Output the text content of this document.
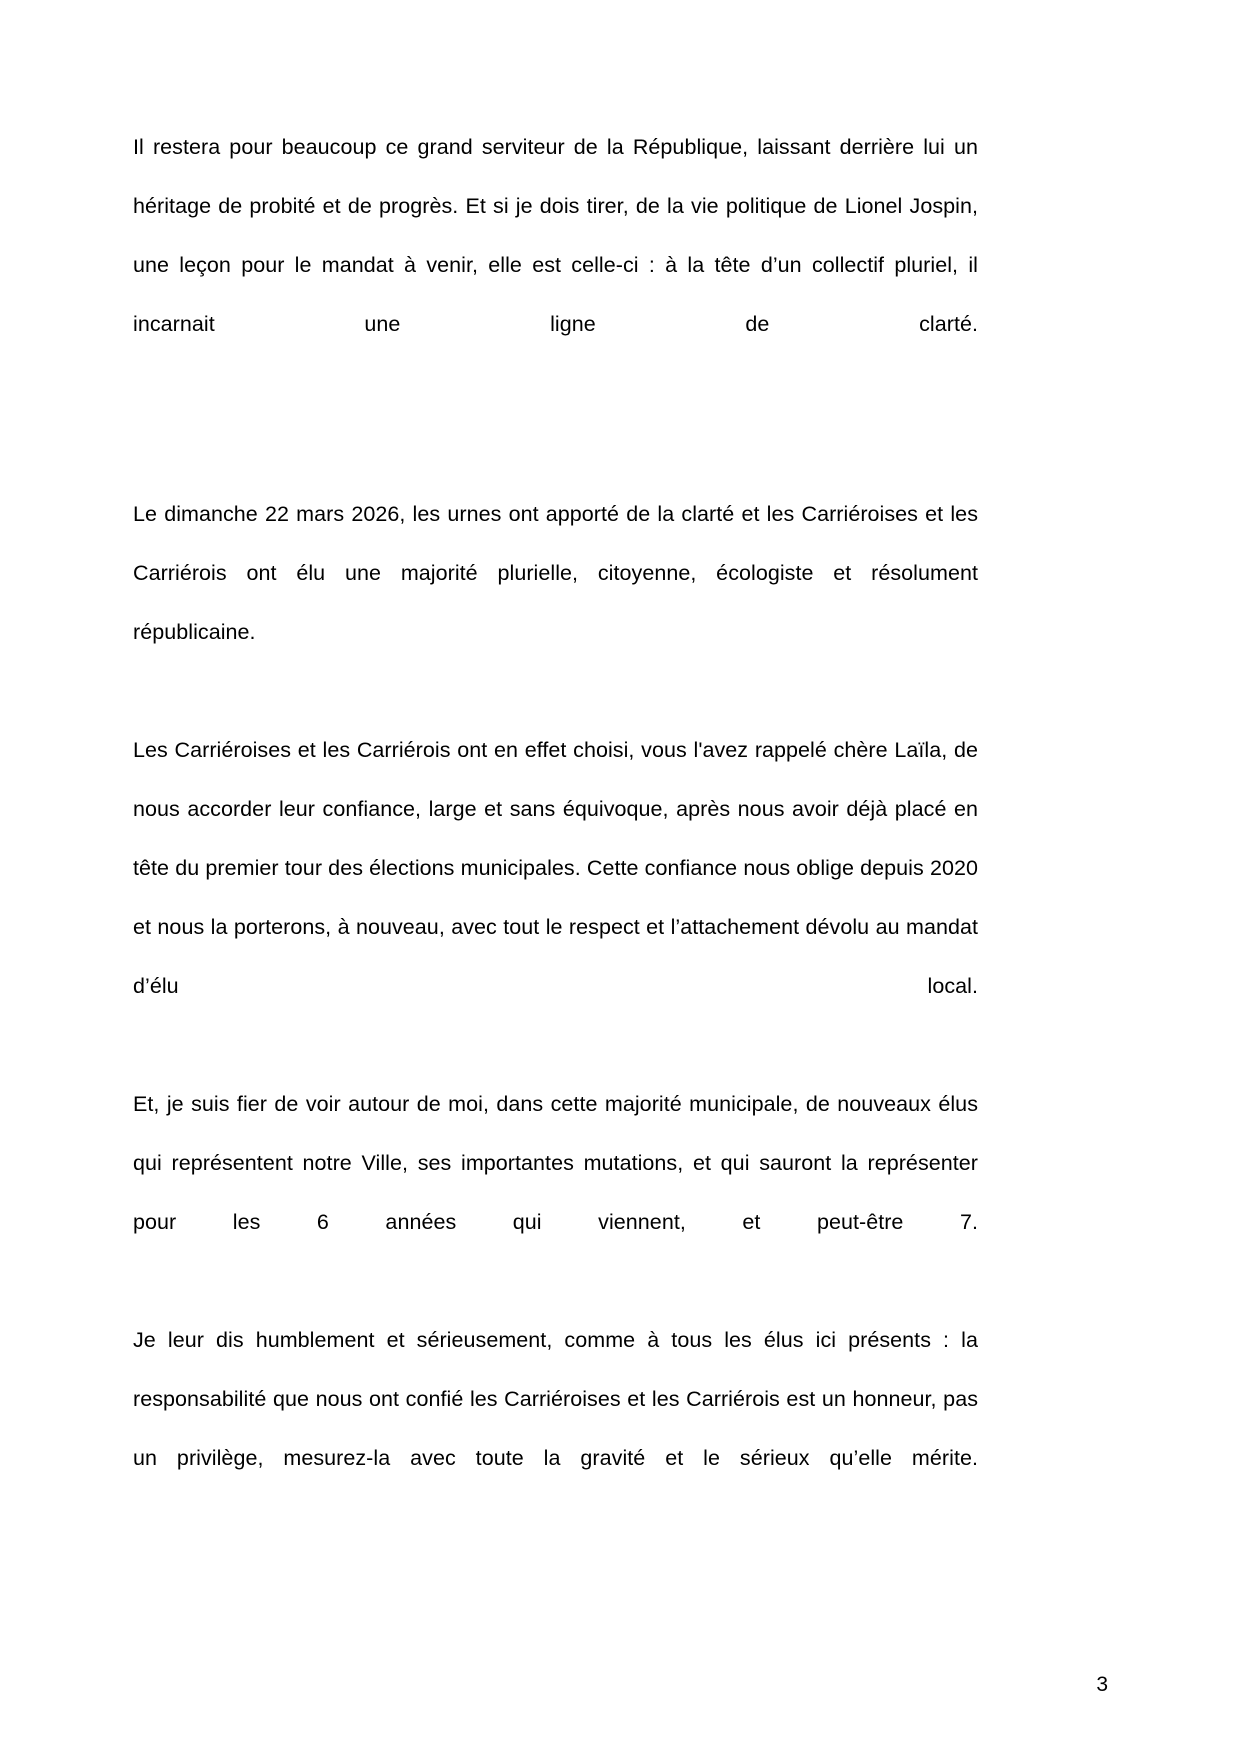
Il restera pour beaucoup ce grand serviteur de la République, laissant derrière lui un héritage de probité et de progrès. Et si je dois tirer, de la vie politique de Lionel Jospin, une leçon pour le mandat à venir, elle est celle-ci : à la tête d’un collectif pluriel, il incarnait une ligne de clarté.

Le dimanche 22 mars 2026, les urnes ont apporté de la clarté et les Carriéroises et les Carriérois ont élu une majorité plurielle, citoyenne, écologiste et résolument républicaine.

Les Carriéroises et les Carriérois ont en effet choisi, vous l'avez rappelé chère Laïla, de nous accorder leur confiance, large et sans équivoque, après nous avoir déjà placé en tête du premier tour des élections municipales. Cette confiance nous oblige depuis 2020 et nous la porterons, à nouveau, avec tout le respect et l’attachement dévolu au mandat d’élu local.

Et, je suis fier de voir autour de moi, dans cette majorité municipale, de nouveaux élus qui représentent notre Ville, ses importantes mutations, et qui sauront la représenter pour les 6 années qui viennent, et peut-être 7.

Je leur dis humblement et sérieusement, comme à tous les élus ici présents : la responsabilité que nous ont confié les Carriéroises et les Carriérois est un honneur, pas un privilège, mesurez-la avec toute la gravité et le sérieux qu’elle mérite.

3
